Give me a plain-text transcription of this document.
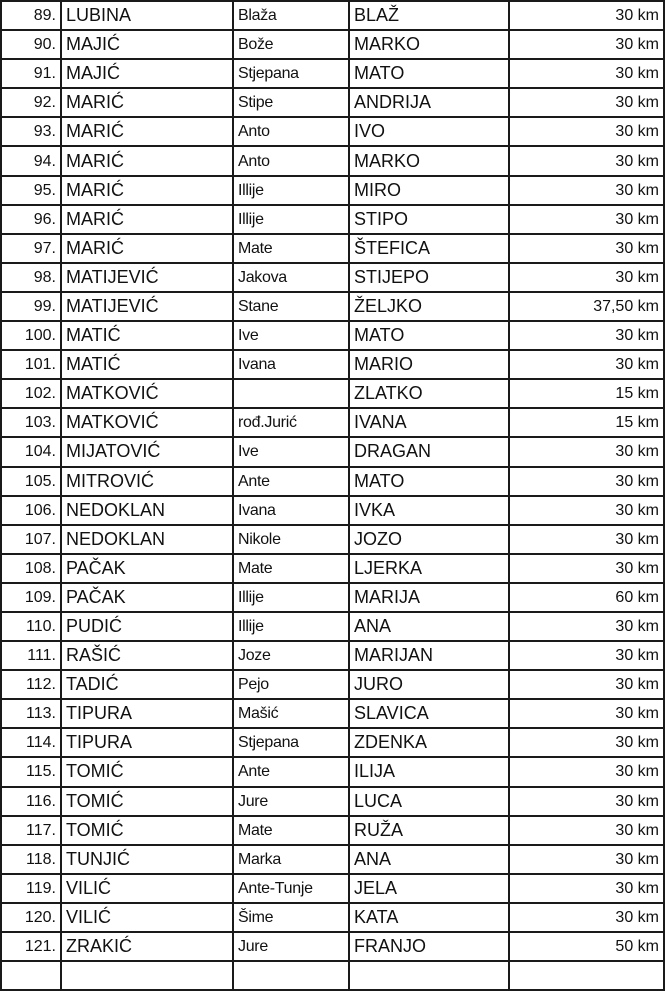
89.	LUBINA	Blaža	BLAŽ	30 km
90.	MAJIĆ	Bože	MARKO	30 km
91.	MAJIĆ	Stjepana	MATO	30 km
92.	MARIĆ	Stipe	ANDRIJA	30 km
93.	MARIĆ	Anto	IVO	30 km
94.	MARIĆ	Anto	MARKO	30 km
95.	MARIĆ	Illije	MIRO	30 km
96.	MARIĆ	Illije	STIPO	30 km
97.	MARIĆ	Mate	ŠTEFICA	30 km
98.	MATIJEVIĆ	Jakova	STIJEPO	30 km
99.	MATIJEVIĆ	Stane	ŽELJKO	37,50 km
100.	MATIĆ	Ive	MATO	30 km
101.	MATIĆ	Ivana	MARIO	30 km
102.	MATKOVIĆ		ZLATKO	15 km
103.	MATKOVIĆ	rođ.Jurić	IVANA	15 km
104.	MIJATOVIĆ	Ive	DRAGAN	30 km
105.	MITROVIĆ	Ante	MATO	30 km
106.	NEDOKLAN	Ivana	IVKA	30 km
107.	NEDOKLAN	Nikole	JOZO	30 km
108.	PAČAK	Mate	LJERKA	30 km
109.	PAČAK	Illije	MARIJA	60 km
110.	PUDIĆ	Illije	ANA	30 km
111.	RAŠIĆ	Joze	MARIJAN	30 km
112.	TADIĆ	Pejo	JURO	30 km
113.	TIPURA	Mašić	SLAVICA	30 km
114.	TIPURA	Stjepana	ZDENKA	30 km
115.	TOMIĆ	Ante	ILIJA	30 km
116.	TOMIĆ	Jure	LUCA	30 km
117.	TOMIĆ	Mate	RUŽA	30 km
118.	TUNJIĆ	Marka	ANA	30 km
119.	VILIĆ	Ante-Tunje	JELA	30 km
120.	VILIĆ	Šime	KATA	30 km
121.	ZRAKIĆ	Jure	FRANJO	50 km
